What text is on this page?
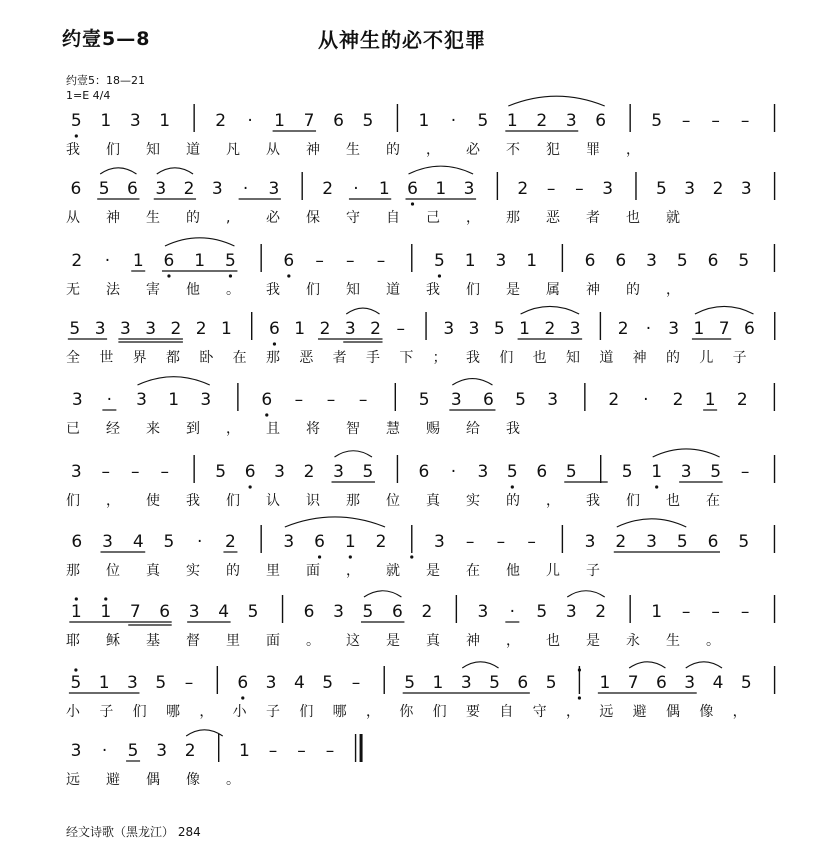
约壹5—8	从神生的必不犯罪
约壹5：18—21
1=E 4/4
5 1 3 1	2 · 1 7 6 5	1 · 5 1 2 3 6	5 – – –
我 们 知 道 凡 从 神 生 的 ， 必 不 犯 罪 ，
6 5 6 3 2 3 · 3	2 · 1 6 1 3	2 – – 3	5 3 2 3
从 神 生 的 ,	必 保 守 自 己 ， 那 恶 者 也 就
2 · 1 6 1 5	6 – – –	5 1 3 1	6 6 3 5 6 5
无 法 害 他 。 我 们 知 道 我 们 是 属 神 的 ，
5 3 3 3 2 2 1 6 1 2 3 2 – 3 3 5 1 2 3 2 · 3 1 7 6
全 世 界 都 卧 在 那 恶 者 手 下 ； 我 们 也 知 道 神 的 儿 子
3 · 3 1 3	6 – – –	5 3 6 5 3	2 · 2 1 2
已 经 来 到 ， 且 将 智 慧 赐 给 我
3 – – –	5 6 3 2 3 5	6 · 3 5 6 5	5 1 3 5 –
们 ， 使 我 们 认 识 那 位 真 实 的 ， 我 们 也 在
6 3 4 5 · 2	3 6 1 2	3 – – –	3 2 3 5 6 5
那 位 真 实 的 里 面 ， 就 是 在 他 儿 子
1 1 7 6 3 4 5	6 3 5 6 2	3 · 5 3 2	1 – – –
耶 稣 基 督 里 面 。 这 是 真 神 ， 也 是 永 生 。
5 1 3 5 –	6 3 4 5 –	5 1 3 5 6 5	1 7 6 3 4 5
小 子 们 哪 ， 小 子 们 哪 ， 你 们 要 自 守 ， 远 避 偶 像 ，
3 · 5 3 2	1 – – –
远 避 偶 像 。
经文诗歌（黑龙江） 284
